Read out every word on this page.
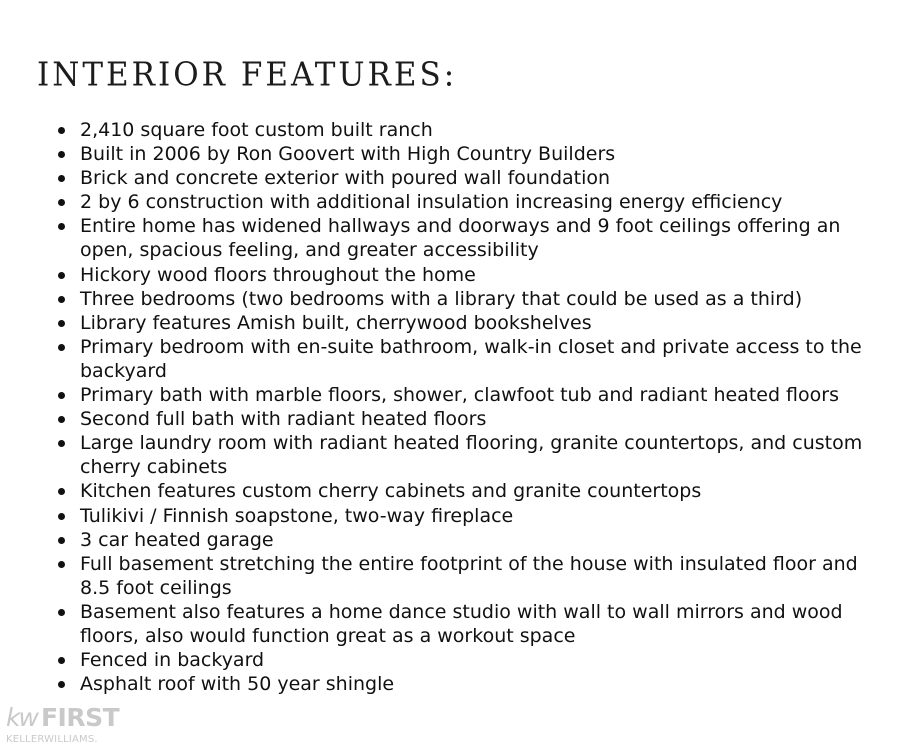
INTERIOR FEATURES:
2,410 square foot custom built ranch
Built in 2006 by Ron Goovert with High Country Builders
Brick and concrete exterior with poured wall foundation
2 by 6 construction with additional insulation increasing energy efficiency
Entire home has widened hallways and doorways and 9 foot ceilings offering an open, spacious feeling, and greater accessibility
Hickory wood floors throughout the home
Three bedrooms (two bedrooms with a library that could be used as a third)
Library features Amish built, cherrywood bookshelves
Primary bedroom with en-suite bathroom, walk-in closet and private access to the backyard
Primary bath with marble floors, shower, clawfoot tub and radiant heated floors
Second full bath with radiant heated floors
Large laundry room with radiant heated flooring, granite countertops, and custom cherry cabinets
Kitchen features custom cherry cabinets and granite countertops
Tulikivi / Finnish soapstone, two-way fireplace
3 car heated garage
Full basement stretching the entire footprint of the house with insulated floor and 8.5 foot ceilings
Basement also features a home dance studio with wall to wall mirrors and wood floors, also would function great as a workout space
Fenced in backyard
Asphalt roof with 50 year shingle
kw FIRST
KELLERWILLIAMS.
